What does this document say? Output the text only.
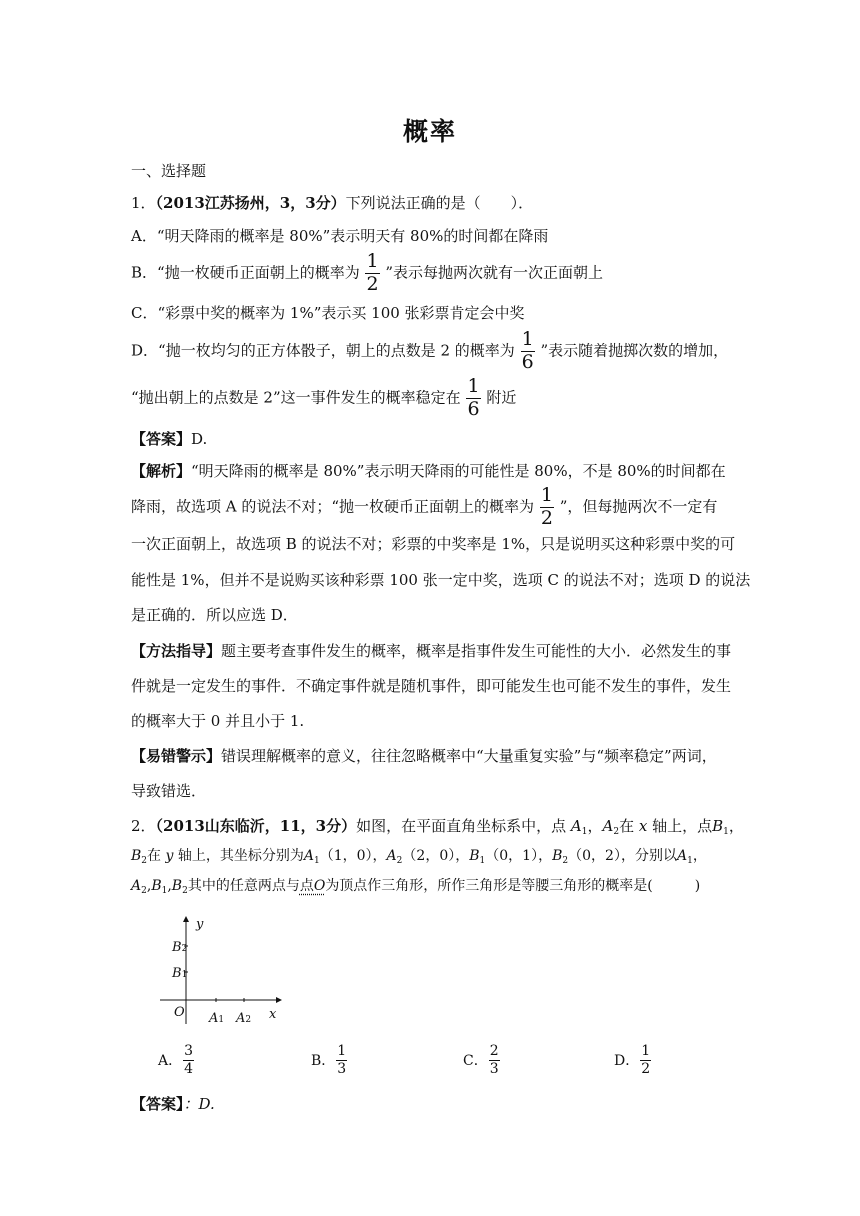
概率
一、选择题
1．（2013江苏扬州，3，3分）下列说法正确的是（　　）．
A．“明天降雨的概率是 80%”表示明天有 80%的时间都在降雨
B．“抛一枚硬币正面朝上的概率为 $\frac{1}{2}$ ”表示每抛两次就有一次正面朝上
C．“彩票中奖的概率为 1%”表示买 100 张彩票肯定会中奖
D．“抛一枚均匀的正方体骰子，朝上的点数是 2 的概率为 $\frac{1}{6}$ ”表示随着抛掷次数的增加，
“抛出朝上的点数是 2”这一事件发生的概率稳定在 $\frac{1}{6}$ 附近
【答案】D.
【解析】“明天降雨的概率是 80%”表示明天降雨的可能性是 80%，不是 80%的时间都在
降雨，故选项 A 的说法不对；“抛一枚硬币正面朝上的概率为 $\frac{1}{2}$ ”，但每抛两次不一定有
一次正面朝上，故选项 B 的说法不对；彩票的中奖率是 1%，只是说明买这种彩票中奖的可
能性是 1%，但并不是说购买该种彩票 100 张一定中奖，选项 C 的说法不对；选项 D 的说法
是正确的．所以应选 D．
【方法指导】题主要考查事件发生的概率，概率是指事件发生可能性的大小．必然发生的事
件就是一定发生的事件．不确定事件就是随机事件，即可能发生也可能不发生的事件，发生
的概率大于 0 并且小于 1.
【易错警示】错误理解概率的意义，往往忽略概率中“大量重复实验”与“频率稳定”两词，
导致错选．
2．（2013山东临沂，11，3分）如图，在平面直角坐标系中，点 $A_1$，$A_2$在 x 轴上，点$B_1$，
$B_2$在 y 轴上，其坐标分别为$A_1(1$，0），$A_2(2$，0），$B_1(0$，1），$B_2(0$，2），分别以$A_1$，
$A_2,B_1,B_2$其中的任意两点与点O为顶点作三角形，所作三角形是等腰三角形的概率是(　　　)
y
x
O A1 A2
B1
B2
A． $\frac{3}{4}$	B． $\frac{1}{3}$	C． $\frac{2}{3}$	D． $\frac{1}{2}$
【答案】：D.
